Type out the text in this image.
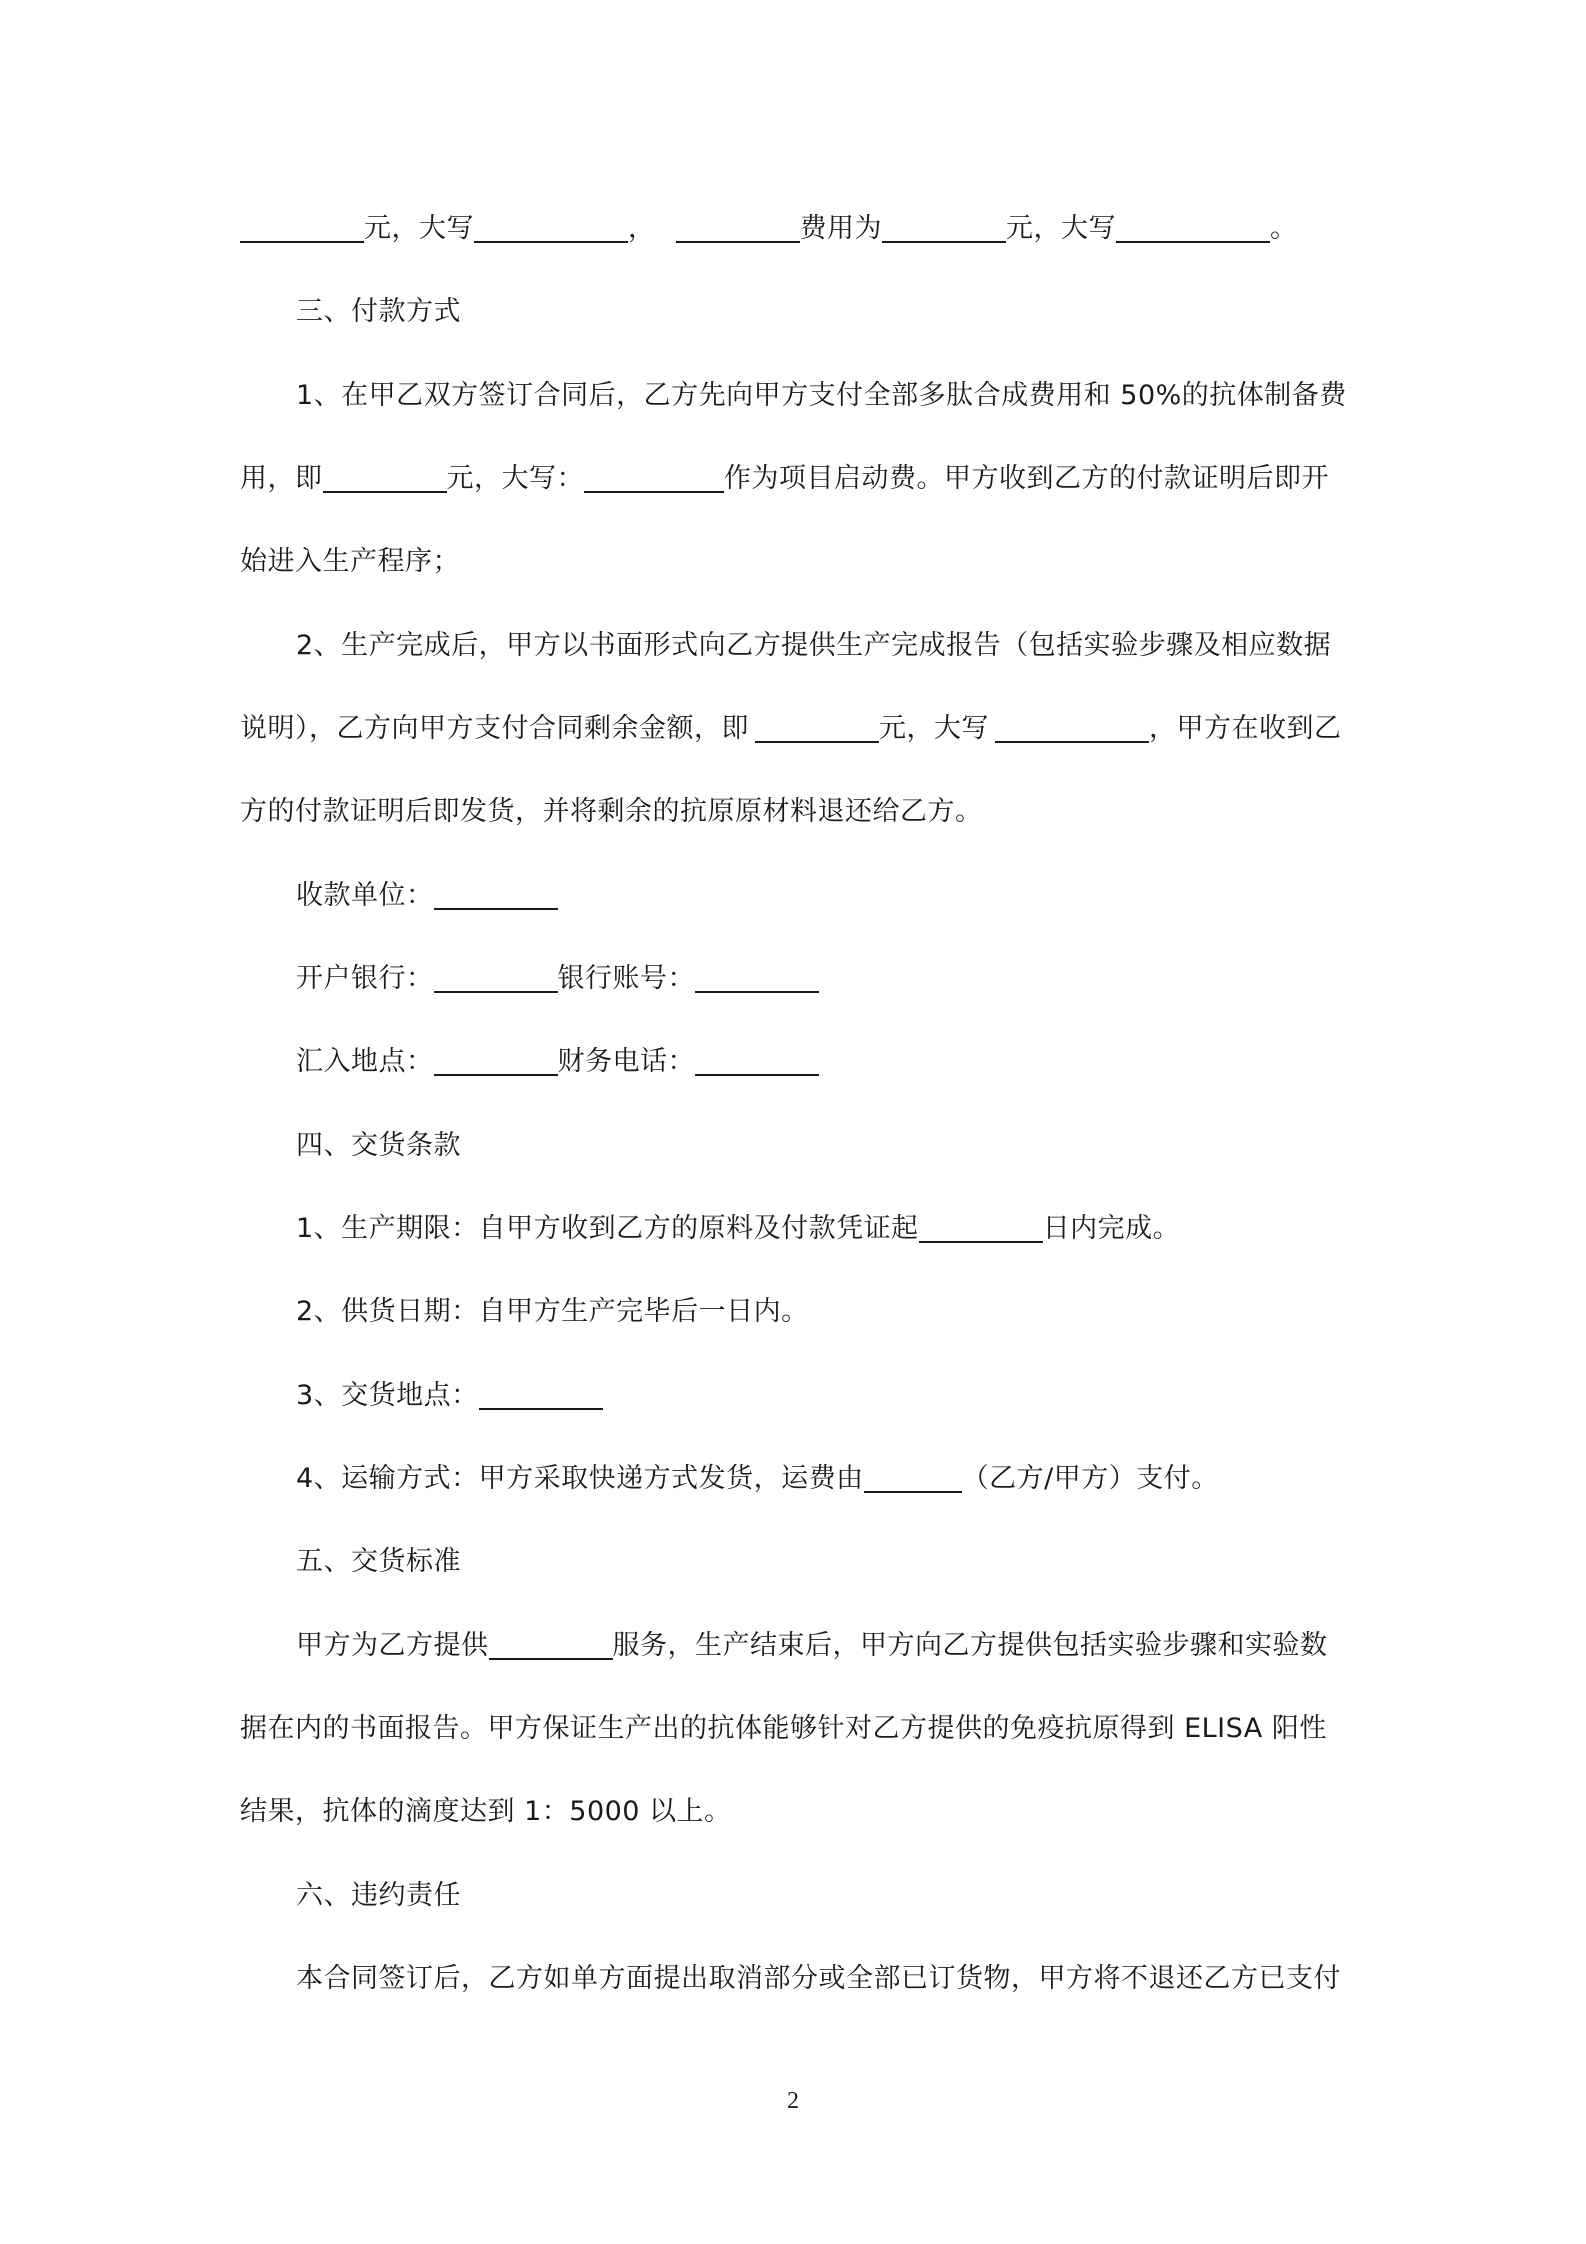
元，大写	，	费用为	元，大写	。
三、付款方式
1、在甲乙双方签订合同后，乙方先向甲方支付全部多肽合成费用和 50%的抗体制备费
用，即	元，大写：	作为项目启动费。甲方收到乙方的付款证明后即开
始进入生产程序；
2、生产完成后，甲方以书面形式向乙方提供生产完成报告（包括实验步骤及相应数据
说明），乙方向甲方支付合同剩余金额，即	元，大写	，甲方在收到乙
方的付款证明后即发货，并将剩余的抗原原材料退还给乙方。
收款单位：
开户银行：	银行账号：
汇入地点：	财务电话：
四、交货条款
1、生产期限：自甲方收到乙方的原料及付款凭证起	日内完成。
2、供货日期：自甲方生产完毕后一日内。
3、交货地点：
4、运输方式：甲方采取快递方式发货，运费由	（乙方/甲方）支付。
五、交货标准
甲方为乙方提供	服务，生产结束后，甲方向乙方提供包括实验步骤和实验数
据在内的书面报告。甲方保证生产出的抗体能够针对乙方提供的免疫抗原得到 ELISA 阳性
结果，抗体的滴度达到 1：5000 以上。
六、违约责任
本合同签订后，乙方如单方面提出取消部分或全部已订货物，甲方将不退还乙方已支付
2
